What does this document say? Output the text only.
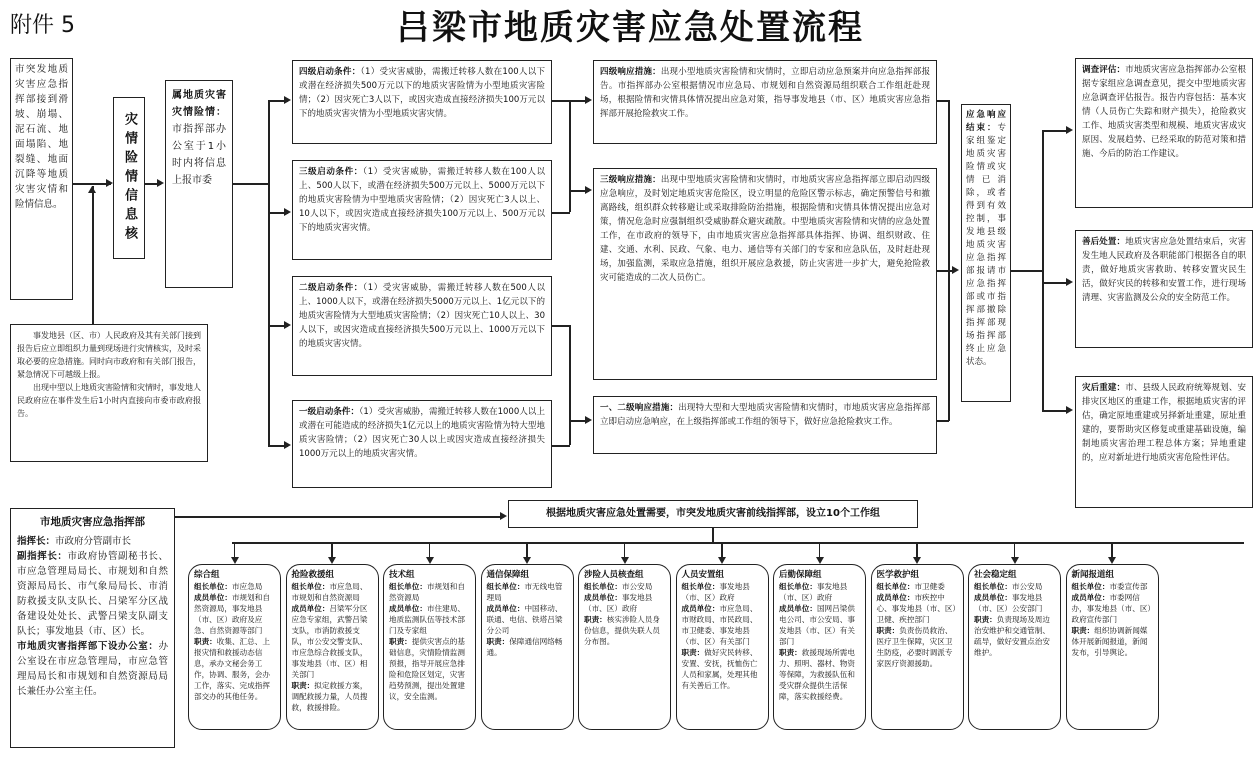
附件 5	吕梁市地质灾害应急处置流程
市突发地质灾害应急指挥部接到滑坡、崩塌、泥石流、地面塌陷、地裂缝、地面沉降等地质灾害灾情和险情信息。	灾情险情信息核
属地质灾害灾情险情： 市指挥部办公室于1小时内将信息上报市委
事发地县（区、市）人民政府及其有关部门接到报告后应立即组织力量到现场进行灾情核实，及时采取必要的应急措施。同时向市政府和有关部门报告，紧急情况下可越级上报。
出现中型以上地质灾害险情和灾情时，事发地人民政府应在事件发生后1小时内直接向市委市政府报告。
四级启动条件：（1）受灾害威胁，需搬迁转移人数在100人以下或潜在经济损失500万元以下的地质灾害险情为小型地质灾害险情；（2）因灾死亡3人以下，或因灾造成直接经济损失100万元以下的地质灾害灾情为小型地质灾害灾情。
三级启动条件：（1）受灾害威胁，需搬迁转移人数在100人以上、500人以下，或潜在经济损失500万元以上、5000万元以下的地质灾害险情为中型地质灾害险情；（2）因灾死亡3人以上、10人以下，或因灾造成直接经济损失100万元以上、500万元以下的地质灾害灾情。
二级启动条件：（1）受灾害威胁，需搬迁转移人数在500人以上、1000人以下，或潜在经济损失5000万元以上、1亿元以下的地质灾害险情为大型地质灾害险情；（2）因灾死亡10人以上、30人以下，或因灾造成直接经济损失500万元以上、1000万元以下的地质灾害灾情。
一级启动条件：（1）受灾害威胁，需搬迁转移人数在1000人以上或潜在可能造成的经济损失1亿元以上的地质灾害险情为特大型地质灾害险情；（2）因灾死亡30人以上或因灾造成直接经济损失1000万元以上的地质灾害灾情。
四级响应措施：出现小型地质灾害险情和灾情时，立即启动应急预案并向应急指挥部报告。市指挥部办公室根据情况市应急局、市规划和自然资源局组织联合工作组赶赴现场，根据险情和灾情具体情况提出应急对策，指导事发地县（市、区）地质灾害应急指挥部开展抢险救灾工作。
三级响应措施：出现中型地质灾害险情和灾情时，市地质灾害应急指挥部立即启动四级应急响应，及时划定地质灾害危险区，设立明显的危险区警示标志，确定预警信号和撤离路线，组织群众转移避让或采取排险防治措施，根据险情和灾情具体情况提出应急对策，情况危急时应强制组织受威胁群众避灾疏散。中型地质灾害险情和灾情的应急处置工作，在市政府的领导下，由市地质灾害应急指挥部具体指挥、协调、组织财政、住建、交通、水利、民政、气象、电力、通信等有关部门的专家和应急队伍，及时赶赴现场，加强监测，采取应急措施，组织开展应急救援，防止灾害进一步扩大，避免抢险救灾可能造成的二次人员伤亡。
一、二级响应措施：出现特大型和大型地质灾害险情和灾情时，市地质灾害应急指挥部立即启动应急响应，在上级指挥部或工作组的领导下，做好应急抢险救灾工作。
应急响应结束：专家组鉴定地质灾害险情或灾情已消除，或者得到有效控制，事发地县级地质灾害应急指挥部报请市应急指挥部或市指挥部撤除指挥部现场指挥部终止应急状态。
调查评估：市地质灾害应急指挥部办公室根据专家组应急调查意见，提交中型地质灾害应急调查评估报告。报告内容包括：基本灾情（人员伤亡失踪和财产损失），抢险救灾工作、地质灾害类型和规模、地质灾害成灾原因、发展趋势、已经采取的防范对策和措施、今后的防治工作建议。
善后处置：地质灾害应急处置结束后，灾害发生地人民政府及各职能部门根据各自的职责，做好地质灾害救助、转移安置灾民生活，做好灾民的转移和安置工作，进行现场清理、灾害监测及公众的安全防范工作。
灾后重建：市、县级人民政府统筹规划、安排灾区地区的重建工作，根据地质灾害的评估，确定原地重建或另择新址重建，原址重建的，要帮助灾区修复或重建基础设施，编制地质灾害治理工程总体方案；异地重建的，应对新址进行地质灾害危险性评估。
市地质灾害应急指挥部
指挥长：市政府分管副市长
副指挥长：市政府协管副秘书长、市应急管理局局长、市规划和自然资源局局长、市气象局局长、市消防救援支队支队长、吕梁军分区战备建设处处长、武警吕梁支队副支队长；事发地县（市、区）长。
市地质灾害指挥部下设办公室：办公室设在市应急管理局，市应急管理局局长和市规划和自然资源局局长兼任办公室主任。
根据地质灾害应急处置需要，市突发地质灾害前线指挥部，设立10个工作组
综合组
组长单位：市应急局
成员单位：市规划和自然资源局，事发地县（市、区）政府及应急、自然资源等部门
职责：收集、汇总、上报灾情和救援动态信息，承办文秘会务工作，协调、服务，会办工作，落实、完成指挥部交办的其他任务。
抢险救援组
组长单位：市应急局、市规划和自然资源局
成员单位：吕梁军分区应急专家组，武警吕梁支队，市消防救援支队，市公安交警支队、市应急综合救援支队，事发地县（市、区）相关部门
职责：拟定救援方案，调配救援力量，人员搜救，救援排险。
技术组
组长单位：市规划和自然资源局
成员单位：市住建局、地质监测队伍等技术部门及专家组
职责：提供灾害点的基础信息，灾情险情监测预报，指导开展应急排险和危险区划定，灾害趋势预测，提出处置建议，安全监测。
通信保障组
组长单位：市无线电管理局
成员单位：中国移动、联通、电信、铁塔吕梁分公司
职责：保障通信网络畅通。
涉险人员核查组
组长单位：市公安局
成员单位：事发地县（市、区）政府
职责：核实涉险人员身份信息，提供失联人员分布图。
人员安置组
组长单位：事发地县（市、区）政府
成员单位：市应急局、市财政局、市民政局、市卫健委、事发地县（市、区）有关部门
职责：做好灾民转移、安置、安抚，抚恤伤亡人员和家属，处理其他有关善后工作。
后勤保障组
组长单位：事发地县（市、区）政府
成员单位：国网吕梁供电公司、市公安局、事发地县（市、区）有关部门
职责：救援现场所需电力、照明、器材、物资等保障，为救援队伍和受灾群众提供生活保障，落实救援经费。
医学救护组
组长单位：市卫健委
成员单位：市疾控中心、事发地县（市、区）卫健、疾控部门
职责：负责伤员救治、医疗卫生保障，灾区卫生防疫，必要时调派专家医疗资源援助。
社会稳定组
组长单位：市公安局
成员单位：事发地县（市、区）公安部门
职责：负责现场及周边治安维护和交通管制、疏导，做好安置点治安维护。
新闻报道组
组长单位：市委宣传部
成员单位：市委网信办，事发地县（市、区）政府宣传部门
职责：组织协调新闻媒体开展新闻报道，新闻发布，引导舆论。
